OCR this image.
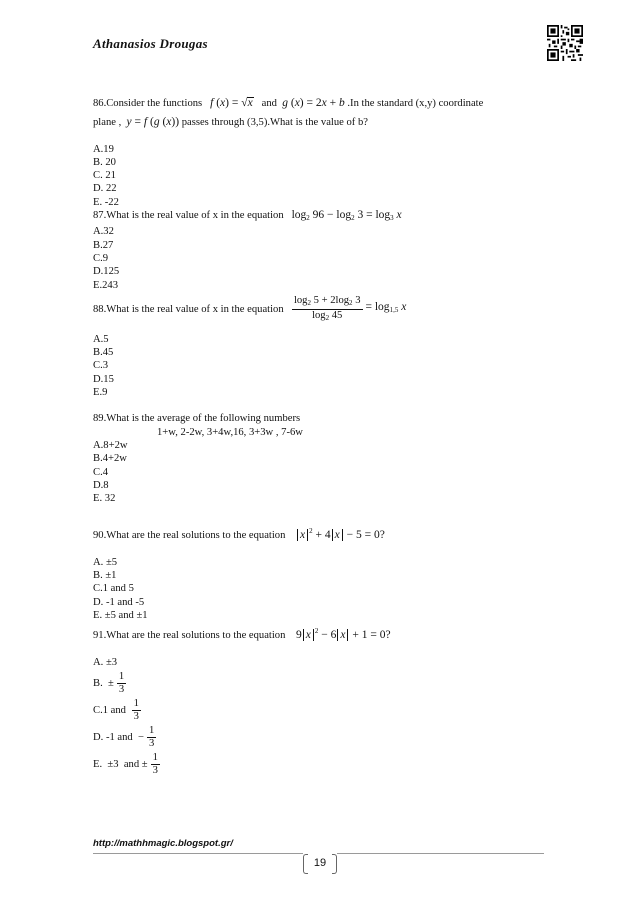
Athanasios Drougas
86.Consider the functions f (x) = √x and g (x) = 2x + b .In the standard (x,y) coordinate
plane , y = f (g (x)) passes through (3,5).What is the value of b?
A.19
B. 20
C. 21
D. 22
E. -22
87.What is the real value of x in the equation $\log_2 96 - \log_2 3 = \log_3 x$
A.32
B.27
C.9
D.125
E.243
88.What is the real value of x in the equation
$\frac{\log_2 5 + 2\log_2 3}{\log_2 45} = \log_{1,5} x$
A.5
B.45
C.3
D.15
E.9
89.What is the average of the following numbers
1+w, 2-2w, 3+4w,16, 3+3w , 7-6w
A.8+2w
B.4+2w
C.4
D.8
E. 32
90.What are the real solutions to the equation x $^2$ + 4 x − 5 = 0?
A. ±5
B. ±1
C.1 and 5
D. -1 and -5
E. ±5 and ±1
91.What are the real solutions to the equation 9 x $^2$ − 6 x + 1 = 0?
A. ±3
B.  ± $\frac{1}{3}$
C.1 and $\frac{1}{3}$
D. -1 and  − $\frac{1}{3}$
E.  ±3  and ± $\frac{1}{3}$
http://mathhmagic.blogspot.gr/
19
